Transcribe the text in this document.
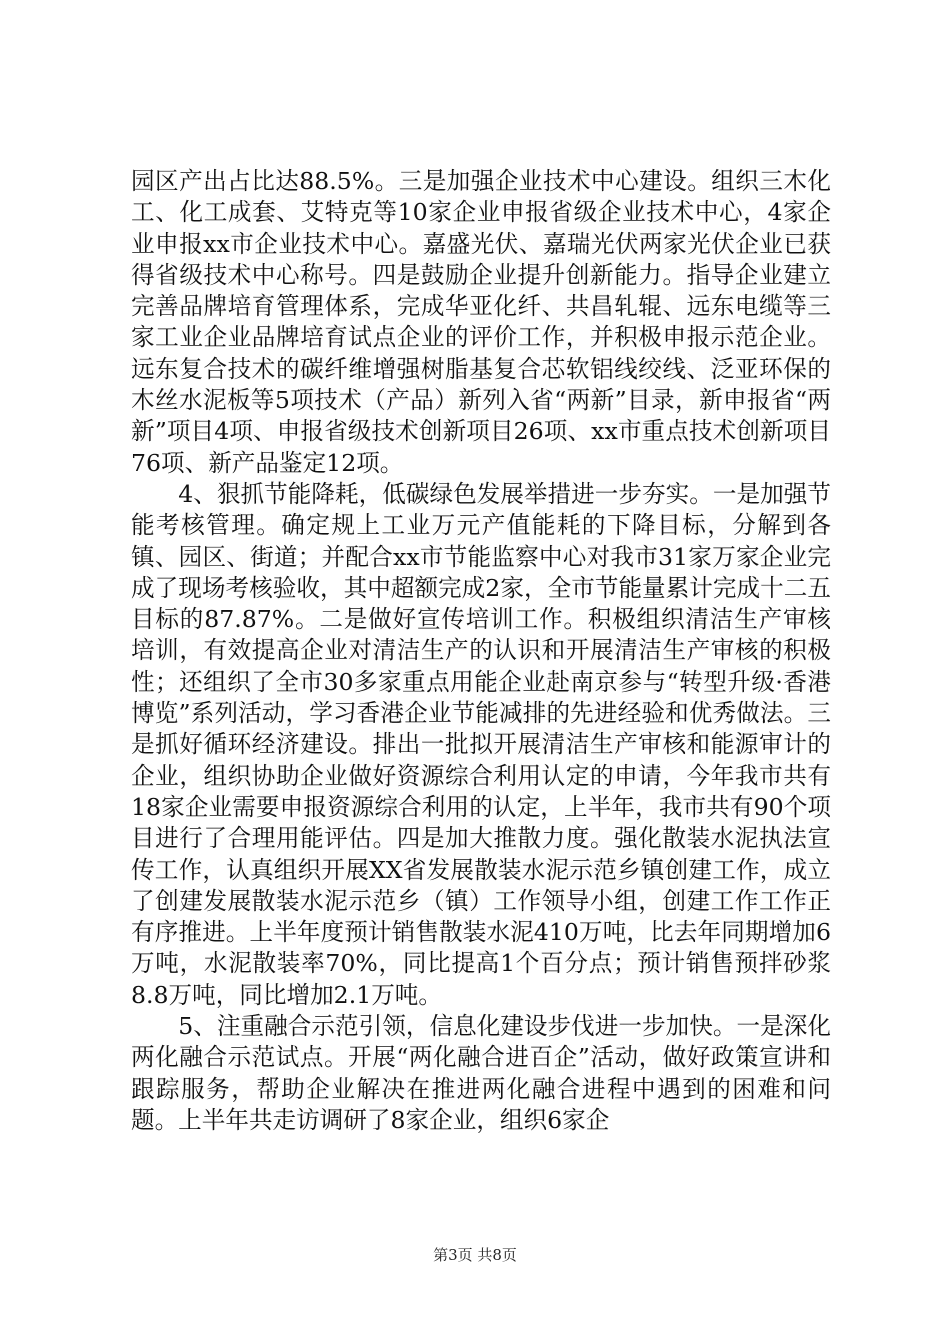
园区产出占比达88.5%。三是加强企业技术中心建设。组织三木化工、化工成套、艾特克等10家企业申报省级企业技术中心，4家企业申报xx市企业技术中心。嘉盛光伏、嘉瑞光伏两家光伏企业已获得省级技术中心称号。四是鼓励企业提升创新能力。指导企业建立完善品牌培育管理体系，完成华亚化纤、共昌轧辊、远东电缆等三家工业企业品牌培育试点企业的评价工作，并积极申报示范企业。远东复合技术的碳纤维增强树脂基复合芯软铝线绞线、泛亚环保的木丝水泥板等5项技术（产品）新列入省“两新”目录，新申报省“两新”项目4项、申报省级技术创新项目26项、xx市重点技术创新项目76项、新产品鉴定12项。

4、狠抓节能降耗，低碳绿色发展举措进一步夯实。一是加强节能考核管理。确定规上工业万元产值能耗的下降目标，分解到各镇、园区、街道；并配合xx市节能监察中心对我市31家万家企业完成了现场考核验收，其中超额完成2家，全市节能量累计完成十二五目标的87.87%。二是做好宣传培训工作。积极组织清洁生产审核培训，有效提高企业对清洁生产的认识和开展清洁生产审核的积极性；还组织了全市30多家重点用能企业赴南京参与“转型升级·香港博览”系列活动，学习香港企业节能减排的先进经验和优秀做法。三是抓好循环经济建设。排出一批拟开展清洁生产审核和能源审计的企业，组织协助企业做好资源综合利用认定的申请，今年我市共有18家企业需要申报资源综合利用的认定，上半年，我市共有90个项目进行了合理用能评估。四是加大推散力度。强化散装水泥执法宣传工作，认真组织开展XX省发展散装水泥示范乡镇创建工作，成立了创建发展散装水泥示范乡（镇）工作领导小组，创建工作工作正有序推进。上半年度预计销售散装水泥410万吨，比去年同期增加6万吨，水泥散装率70%，同比提高1个百分点；预计销售预拌砂浆8.8万吨，同比增加2.1万吨。

5、注重融合示范引领，信息化建设步伐进一步加快。一是深化两化融合示范试点。开展“两化融合进百企”活动，做好政策宣讲和跟踪服务，帮助企业解决在推进两化融合进程中遇到的困难和问题。上半年共走访调研了8家企业，组织6家企

第3页 共8页
